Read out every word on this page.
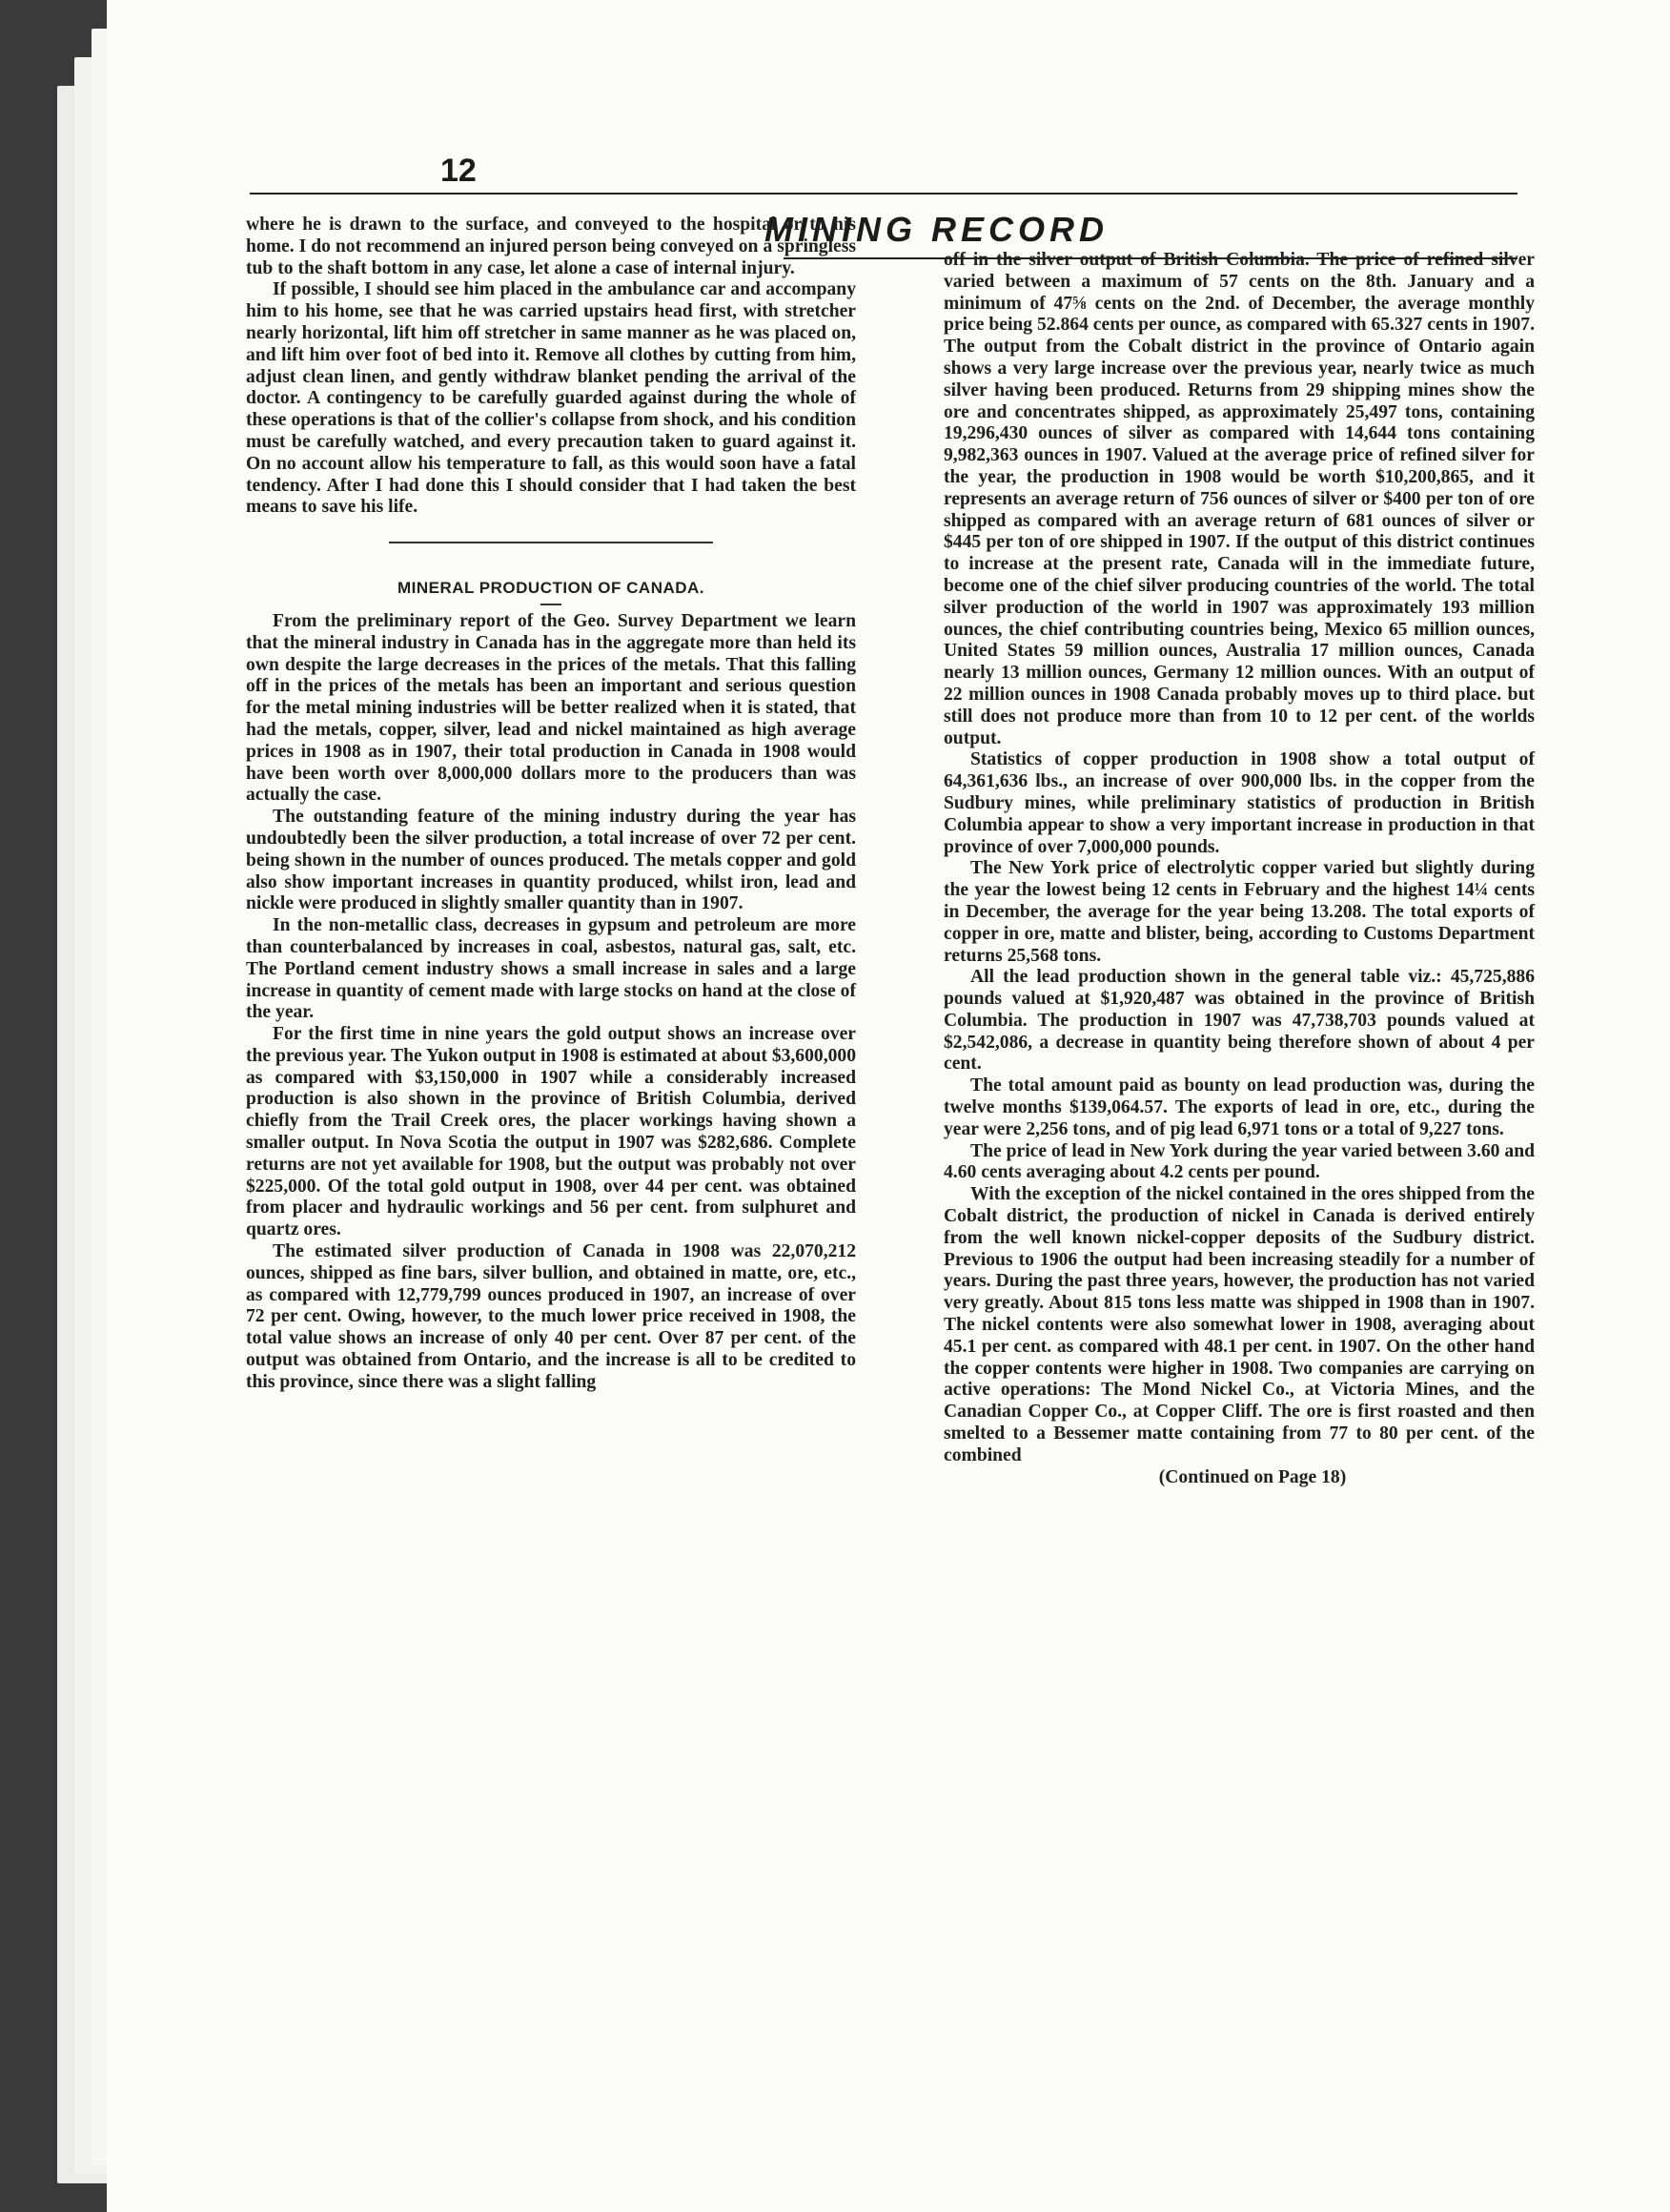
12
MINING RECORD

where he is drawn to the surface, and conveyed to the hospital or to his home. I do not recommend an injured person being conveyed on a springless tub to the shaft bottom in any case, let alone a case of internal injury.

If possible, I should see him placed in the ambulance car and accompany him to his home, see that he was carried upstairs head first, with stretcher nearly horizontal, lift him off stretcher in same manner as he was placed on, and lift him over foot of bed into it. Remove all clothes by cutting from him, adjust clean linen, and gently withdraw blanket pending the arrival of the doctor. A contingency to be carefully guarded against during the whole of these operations is that of the collier's collapse from shock, and his condition must be carefully watched, and every precaution taken to guard against it. On no account allow his temperature to fall, as this would soon have a fatal tendency. After I had done this I should consider that I had taken the best means to save his life.

MINERAL PRODUCTION OF CANADA.

From the preliminary report of the Geo. Survey Department we learn that the mineral industry in Canada has in the aggregate more than held its own despite the large decreases in the prices of the metals. That this falling off in the prices of the metals has been an important and serious question for the metal mining industries will be better realized when it is stated, that had the metals, copper, silver, lead and nickel maintained as high average prices in 1908 as in 1907, their total production in Canada in 1908 would have been worth over 8,000,000 dollars more to the producers than was actually the case.

The outstanding feature of the mining industry during the year has undoubtedly been the silver production, a total increase of over 72 per cent. being shown in the number of ounces produced. The metals copper and gold also show important increases in quantity produced, whilst iron, lead and nickle were produced in slightly smaller quantity than in 1907.

In the non-metallic class, decreases in gypsum and petroleum are more than counterbalanced by increases in coal, asbestos, natural gas, salt, etc. The Portland cement industry shows a small increase in sales and a large increase in quantity of cement made with large stocks on hand at the close of the year.

For the first time in nine years the gold output shows an increase over the previous year. The Yukon output in 1908 is estimated at about $3,600,000 as compared with $3,150,000 in 1907 while a considerably increased production is also shown in the province of British Columbia, derived chiefly from the Trail Creek ores, the placer workings having shown a smaller output. In Nova Scotia the output in 1907 was $282,686. Complete returns are not yet available for 1908, but the output was probably not over $225,000. Of the total gold output in 1908, over 44 per cent. was obtained from placer and hydraulic workings and 56 per cent. from sulphuret and quartz ores.

The estimated silver production of Canada in 1908 was 22,070,212 ounces, shipped as fine bars, silver bullion, and obtained in matte, ore, etc., as compared with 12,779,799 ounces produced in 1907, an increase of over 72 per cent. Owing, however, to the much lower price received in 1908, the total value shows an increase of only 40 per cent. Over 87 per cent. of the output was obtained from Ontario, and the increase is all to be credited to this province, since there was a slight falling

off in the silver output of British Columbia. The price of refined silver varied between a maximum of 57 cents on the 8th. January and a minimum of 47⅝ cents on the 2nd. of December, the average monthly price being 52.864 cents per ounce, as compared with 65.327 cents in 1907. The output from the Cobalt district in the province of Ontario again shows a very large increase over the previous year, nearly twice as much silver having been produced. Returns from 29 shipping mines show the ore and concentrates shipped, as approximately 25,497 tons, containing 19,296,430 ounces of silver as compared with 14,644 tons containing 9,982,363 ounces in 1907. Valued at the average price of refined silver for the year, the production in 1908 would be worth $10,200,865, and it represents an average return of 756 ounces of silver or $400 per ton of ore shipped as compared with an average return of 681 ounces of silver or $445 per ton of ore shipped in 1907. If the output of this district continues to increase at the present rate, Canada will in the immediate future, become one of the chief silver producing countries of the world. The total silver production of the world in 1907 was approximately 193 million ounces, the chief contributing countries being, Mexico 65 million ounces, United States 59 million ounces, Australia 17 million ounces, Canada nearly 13 million ounces, Germany 12 million ounces. With an output of 22 million ounces in 1908 Canada probably moves up to third place. but still does not produce more than from 10 to 12 per cent. of the worlds output.

Statistics of copper production in 1908 show a total output of 64,361,636 lbs., an increase of over 900,000 lbs. in the copper from the Sudbury mines, while preliminary statistics of production in British Columbia appear to show a very important increase in production in that province of over 7,000,000 pounds.

The New York price of electrolytic copper varied but slightly during the year the lowest being 12 cents in February and the highest 14¼ cents in December, the average for the year being 13.208. The total exports of copper in ore, matte and blister, being, according to Customs Department returns 25,568 tons.

All the lead production shown in the general table viz.: 45,725,886 pounds valued at $1,920,487 was obtained in the province of British Columbia. The production in 1907 was 47,738,703 pounds valued at $2,542,086, a decrease in quantity being therefore shown of about 4 per cent.

The total amount paid as bounty on lead production was, during the twelve months $139,064.57. The exports of lead in ore, etc., during the year were 2,256 tons, and of pig lead 6,971 tons or a total of 9,227 tons.

The price of lead in New York during the year varied between 3.60 and 4.60 cents averaging about 4.2 cents per pound.

With the exception of the nickel contained in the ores shipped from the Cobalt district, the production of nickel in Canada is derived entirely from the well known nickel-copper deposits of the Sudbury district. Previous to 1906 the output had been increasing steadily for a number of years. During the past three years, however, the production has not varied very greatly. About 815 tons less matte was shipped in 1908 than in 1907. The nickel contents were also somewhat lower in 1908, averaging about 45.1 per cent. as compared with 48.1 per cent. in 1907. On the other hand the copper contents were higher in 1908. Two companies are carrying on active operations: The Mond Nickel Co., at Victoria Mines, and the Canadian Copper Co., at Copper Cliff. The ore is first roasted and then smelted to a Bessemer matte containing from 77 to 80 per cent. of the combined

(Continued on Page 18)
